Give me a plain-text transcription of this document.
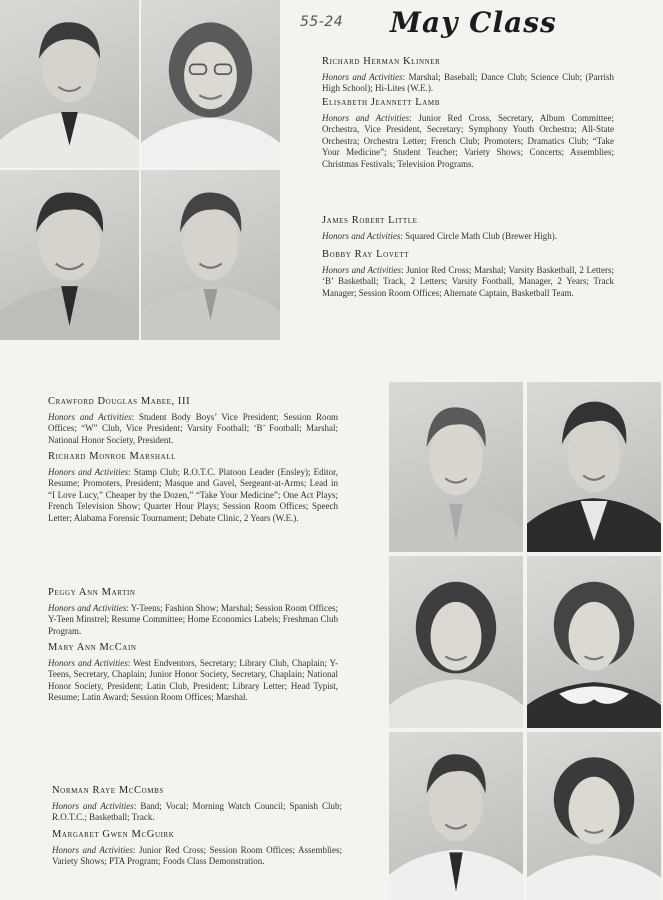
55-24 May Class
Richard Herman Klinner

Honors and Activities: Marshal; Baseball; Dance Club; Science Club; (Parrish High School); Hi-Lites (W.E.).

Elisabeth Jeannett Lamb

Honors and Activities: Junior Red Cross, Secretary, Album Committee; Orchestra, Vice President, Secretary; Symphony Youth Orchestra; All-State Orchestra; Orchestra Letter; French Club; Promoters; Dramatics Club; “Take Your Medicine”; Student Teacher; Variety Shows; Concerts; Assemblies; Christmas Festivals; Television Programs.

James Robert Little

Honors and Activities: Squared Circle Math Club (Brewer High).

Bobby Ray Lovett

Honors and Activities: Junior Red Cross; Marshal; Varsity Basketball, 2 Letters; ‘B’ Basketball; Track, 2 Letters; Varsity Football, Manager, 2 Years; Track Manager; Session Room Offices; Alternate Captain, Basketball Team.

Crawford Douglas Mabee, III

Honors and Activities: Student Body Boys’ Vice President; Session Room Offices; “W” Club, Vice President; Varsity Football; ‘B’ Football; Marshal; National Honor Society, President.

Richard Monroe Marshall

Honors and Activities: Stamp Club; R.O.T.C. Platoon Leader (Ensley); Editor, Resume; Promoters, President; Masque and Gavel, Sergeant-at-Arms; Lead in “I Love Lucy,” Cheaper by the Dozen,” “Take Your Medicine”; One Act Plays; French Television Show; Quarter Hour Plays; Session Room Offices; Speech Letter; Alabama Forensic Tournament; Debate Clinic, 2 Years (W.E.).

Peggy Ann Martin

Honors and Activities: Y-Teens; Fashion Show; Marshal; Session Room Offices; Y-Teen Minstrel; Resume Committee; Home Economics Labels; Freshman Club Program.

Mary Ann McCain

Honors and Activities: West Endventors, Secretary; Library Club, Chaplain; Y-Teens, Secretary, Chaplain; Junior Honor Society, Secretary, Chaplain; National Honor Society, President; Latin Club, President; Library Letter; Head Typist, Resume; Latin Award; Session Room Offices; Marshal.

Norman Raye McCombs

Honors and Activities: Band; Vocal; Morning Watch Council; Spanish Club; R.O.T.C.; Basketball; Track.

Margaret Gwen McGuirk

Honors and Activities: Junior Red Cross; Session Room Offices; Assemblies; Variety Shows; PTA Program; Foods Class Demonstration.
